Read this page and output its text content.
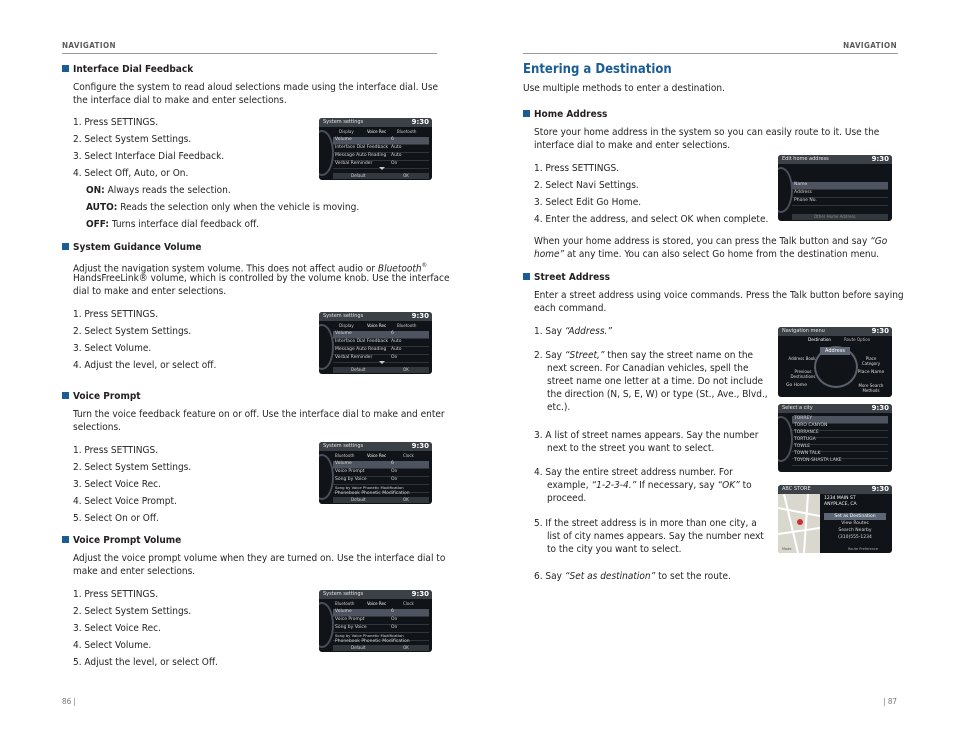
NAVIGATION
Interface Dial Feedback
Configure the system to read aloud selections made using the interface dial. Use
the interface dial to make and enter selections.
1. Press SETTINGS.
2. Select System Settings.
3. Select Interface Dial Feedback.
4. Select Off, Auto, or On.
ON: Always reads the selection.
AUTO: Reads the selection only when the vehicle is moving.
OFF: Turns interface dial feedback off.
System Guidance Volume
Adjust the navigation system volume. This does not affect audio or Bluetooth®
HandsFreeLink® volume, which is controlled by the volume knob. Use the interface
dial to make and enter selections.
1. Press SETTINGS.
2. Select System Settings.
3. Select Volume.
4. Adjust the level, or select off.
Voice Prompt
Turn the voice feedback feature on or off. Use the interface dial to make and enter
selections.
1. Press SETTINGS.
2. Select System Settings.
3. Select Voice Rec.
4. Select Voice Prompt.
5. Select On or Off.
Voice Prompt Volume
Adjust the voice prompt volume when they are turned on. Use the interface dial to
make and enter selections.
1. Press SETTINGS.
2. Select System Settings.
3. Select Voice Rec.
4. Select Volume.
5. Adjust the level, or select Off.
System settings	9:30
Display	Voice Rec	Bluetooth
Volume	6
Interface Dial Feedback Auto
Message Auto Reading Auto
Verbal Reminder	On
Default	OK
System settings	9:30
Display	Voice Rec	Bluetooth
Volume	6
Interface Dial Feedback Auto
Message Auto Reading Auto
Verbal Reminder	On
Default	OK
System settings	9:30
Bluetooth	Voice Rec	Clock
Volume	6
Voice Prompt	On
Song by Voice	On
Song by Voice Phonetic Modification
Phonebook Phonetic Modification
Default	OK
System settings	9:30
Bluetooth	Voice Rec	Clock
Volume	6
Voice Prompt	On
Song by Voice	On
Song by Voice Phonetic Modification
Phonebook Phonetic Modification
Default	OK
86 |
NAVIGATION
Entering a Destination
Use multiple methods to enter a destination.
Home Address
Store your home address in the system so you can easily route to it. Use the
interface dial to make and enter selections.
1. Press SETTINGS.
2. Select Navi Settings.
3. Select Edit Go Home.
4. Enter the address, and select OK when complete.
When your home address is stored, you can press the Talk button and say “Go
home” at any time. You can also select Go home from the destination menu.
Street Address
Enter a street address using voice commands. Press the Talk button before saying
each command.
1. Say “Address.”
2. Say “Street,” then say the street name on the
next screen. For Canadian vehicles, spell the
street name one letter at a time. Do not include
the direction (N, S, E, W) or type (St., Ave., Blvd.,
etc.).
3. A list of street names appears. Say the number
next to the street you want to select.
4. Say the entire street address number. For
example, “1-2-3-4.” If necessary, say “OK” to
proceed.
5. If the street address is in more than one city, a
list of city names appears. Say the number next
to the city you want to select.
6. Say “Set as destination” to set the route.
Edit home address	9:30
Name
Address
Phone No.
Other Home Address
Navigation menu	9:30
Destination	Route Option
Address
Address Book	Place Category
Previous Destinations
Place Name
Go Home	More Search Methods
Select a city	9:30
TORREY
TORO CANYON
TORRANCE
TORTUGA
TOWLE
TOWN TALK
TOYON-SHASTA LAKE
ABC STORE	9:30
1234 MAIN ST
ANYPLACE, CA
Set as Destination
View Routes
Search Nearby
(310)555-1234
Mode	Route Preference
| 87
